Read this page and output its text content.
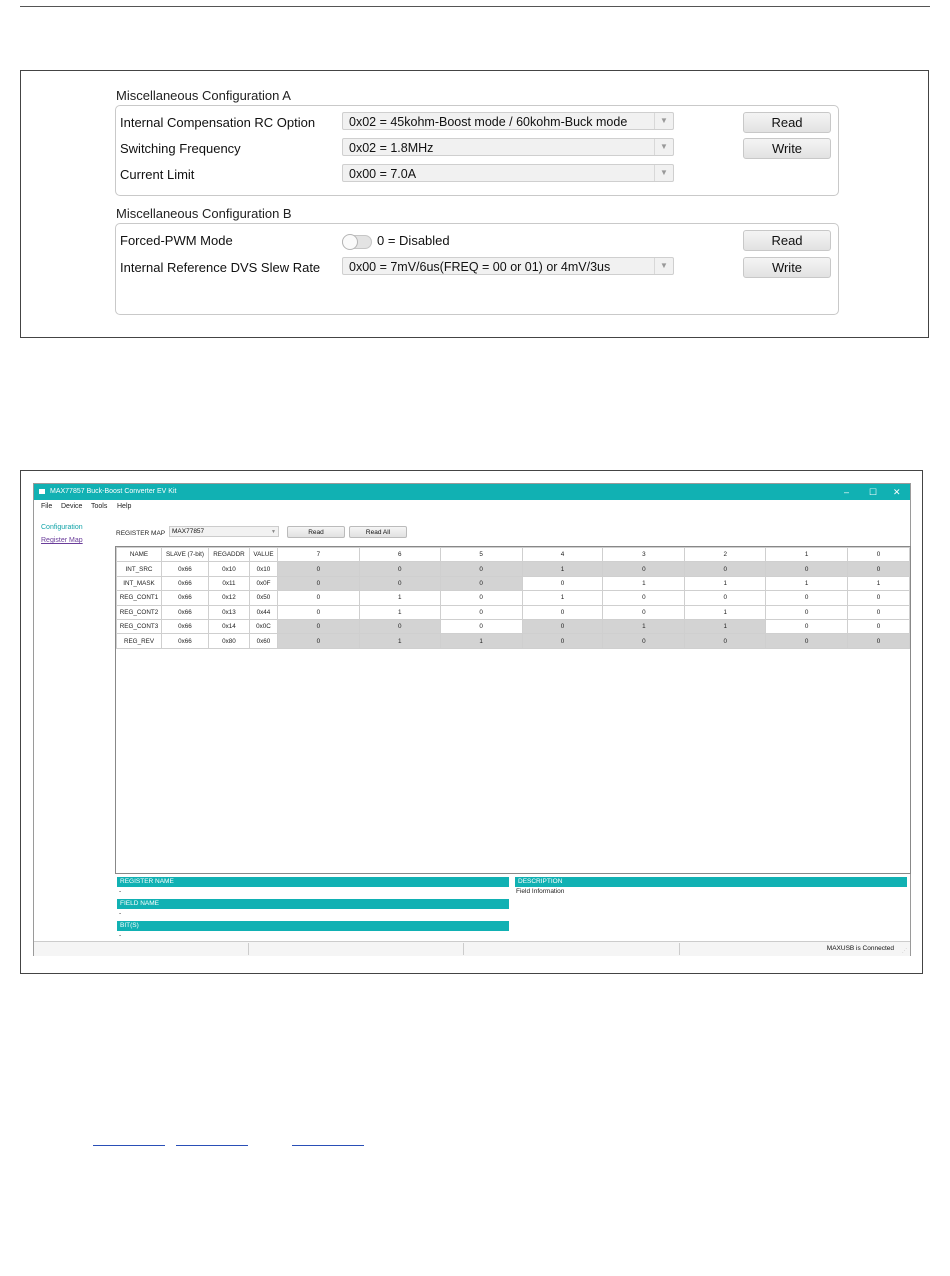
Miscellaneous Configuration A
Internal Compensation RC Option	0x02 = 45kohm-Boost mode / 60kohm-Buck mode	▼
Switching Frequency	0x02 = 1.8MHz	▼
Current Limit	0x00 = 7.0A	▼
Read
Write
Miscellaneous Configuration B
Forced-PWM Mode	0 = Disabled
Internal Reference DVS Slew Rate	0x00 = 7mV/6us(FREQ = 00 or 01) or 4mV/3us	▼
Read
Write
MAX77857 Buck-Boost Converter EV Kit	– ☐ ✕
File Device Tools Help
Configuration
Register Map
REGISTER MAP	MAX77857	▼	Read	Read All
NAME	SLAVE (7-bit)	REGADDR	VALUE	7	6	5	4	3	2	1	0
INT_SRC	0x66	0x10	0x10	0	0	0	1	0	0	0	0
INT_MASK	0x66	0x11	0x0F	0	0	0	0	1	1	1	1
REG_CONT1	0x66	0x12	0x50	0	1	0	1	0	0	0	0
REG_CONT2	0x66	0x13	0x44	0	1	0	0	0	1	0	0
REG_CONT3	0x66	0x14	0x0C	0	0	0	0	1	1	0	0
REG_REV	0x66	0x80	0x60	0	1	1	0	0	0	0	0
REGISTER NAME
-
FIELD NAME
-
BIT(S)
-
DESCRIPTION
Field Information
MAXUSB is Connected ⋰
